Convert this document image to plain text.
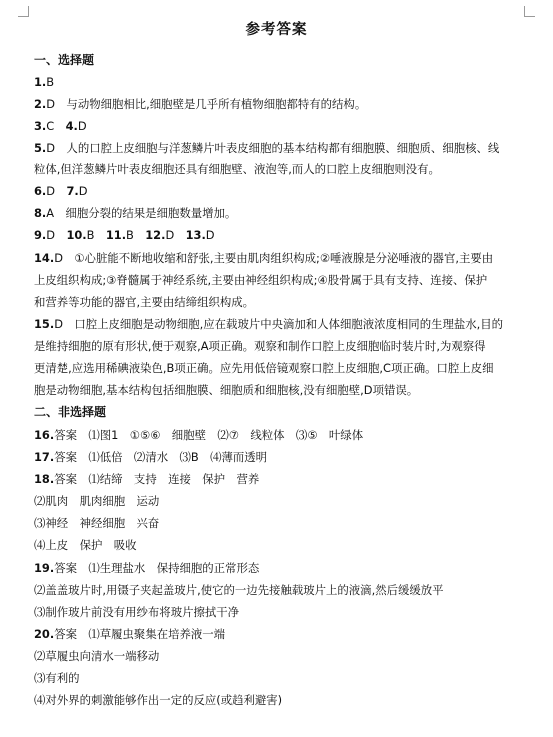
参考答案
一、选择题
1.B
2.D　与动物细胞相比,细胞壁是几乎所有植物细胞都特有的结构。
3.C　4.D
5.D　人的口腔上皮细胞与洋葱鳞片叶表皮细胞的基本结构都有细胞膜、细胞质、细胞核、线
粒体,但洋葱鳞片叶表皮细胞还具有细胞壁、液泡等,而人的口腔上皮细胞则没有。
6.D　7.D
8.A　细胞分裂的结果是细胞数量增加。
9.D　10.B　11.B　12.D　13.D
14.D　①心脏能不断地收缩和舒张,主要由肌肉组织构成;②唾液腺是分泌唾液的器官,主要由
上皮组织构成;③脊髓属于神经系统,主要由神经组织构成;④股骨属于具有支持、连接、保护
和营养等功能的器官,主要由结缔组织构成。
15.D　口腔上皮细胞是动物细胞,应在载玻片中央滴加和人体细胞液浓度相同的生理盐水,目的
是维持细胞的原有形状,便于观察,A项正确。观察和制作口腔上皮细胞临时装片时,为观察得
更清楚,应选用稀碘液染色,B项正确。应先用低倍镜观察口腔上皮细胞,C项正确。口腔上皮细
胞是动物细胞,基本结构包括细胞膜、细胞质和细胞核,没有细胞壁,D项错误。
二、非选择题
16.答案　⑴图1　①⑤⑥　细胞壁　⑵⑦　线粒体　⑶⑤　叶绿体
17.答案　⑴低倍　⑵清水　⑶B　⑷薄而透明
18.答案　⑴结缔　支持　连接　保护　营养
⑵肌肉　肌肉细胞　运动
⑶神经　神经细胞　兴奋
⑷上皮　保护　吸收
19.答案　⑴生理盐水　保持细胞的正常形态
⑵盖盖玻片时,用镊子夹起盖玻片,使它的一边先接触载玻片上的液滴,然后缓缓放平
⑶制作玻片前没有用纱布将玻片擦拭干净
20.答案　⑴草履虫聚集在培养液一端
⑵草履虫向清水一端移动
⑶有利的
⑷对外界的刺激能够作出一定的反应(或趋利避害)
